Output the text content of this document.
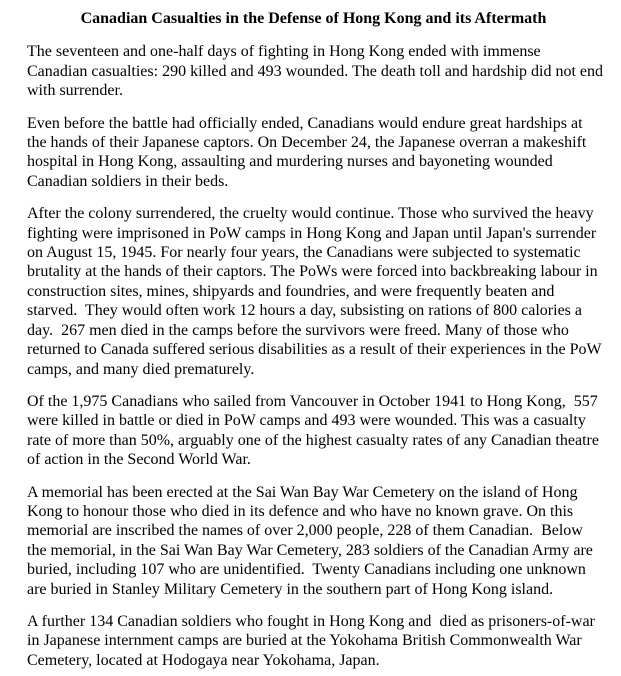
Canadian Casualties in the Defense of Hong Kong and its Aftermath

The seventeen and one-half days of fighting in Hong Kong ended with immense
Canadian casualties: 290 killed and 493 wounded. The death toll and hardship did not end
with surrender.
Even before the battle had officially ended, Canadians would endure great hardships at
the hands of their Japanese captors. On December 24, the Japanese overran a makeshift
hospital in Hong Kong, assaulting and murdering nurses and bayoneting wounded
Canadian soldiers in their beds.
After the colony surrendered, the cruelty would continue. Those who survived the heavy
fighting were imprisoned in PoW camps in Hong Kong and Japan until Japan's surrender
on August 15, 1945. For nearly four years, the Canadians were subjected to systematic
brutality at the hands of their captors. The PoWs were forced into backbreaking labour in
construction sites, mines, shipyards and foundries, and were frequently beaten and
starved.  They would often work 12 hours a day, subsisting on rations of 800 calories a
day.  267 men died in the camps before the survivors were freed. Many of those who
returned to Canada suffered serious disabilities as a result of their experiences in the PoW
camps, and many died prematurely.
Of the 1,975 Canadians who sailed from Vancouver in October 1941 to Hong Kong,  557
were killed in battle or died in PoW camps and 493 were wounded. This was a casualty
rate of more than 50%, arguably one of the highest casualty rates of any Canadian theatre
of action in the Second World War.
A memorial has been erected at the Sai Wan Bay War Cemetery on the island of Hong
Kong to honour those who died in its defence and who have no known grave. On this
memorial are inscribed the names of over 2,000 people, 228 of them Canadian.  Below
the memorial, in the Sai Wan Bay War Cemetery, 283 soldiers of the Canadian Army are
buried, including 107 who are unidentified.  Twenty Canadians including one unknown
are buried in Stanley Military Cemetery in the southern part of Hong Kong island.
A further 134 Canadian soldiers who fought in Hong Kong and  died as prisoners-of-war
in Japanese internment camps are buried at the Yokohama British Commonwealth War
Cemetery, located at Hodogaya near Yokohama, Japan.
